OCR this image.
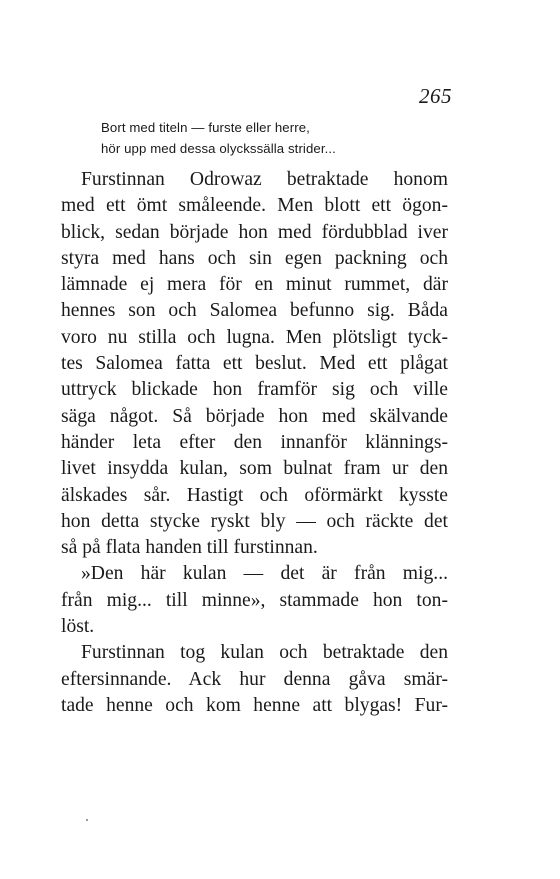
265
Bort med titeln — furste eller herre,
hör upp med dessa olyckssälla strider...
Furstinnan Odrowaz betraktade honom
med ett ömt småleende. Men blott ett ögon-
blick, sedan började hon med fördubblad iver
styra med hans och sin egen packning och
lämnade ej mera för en minut rummet, där
hennes son och Salomea befunno sig. Båda
voro nu stilla och lugna. Men plötsligt tyck-
tes Salomea fatta ett beslut. Med ett plågat
uttryck blickade hon framför sig och ville
säga något. Så började hon med skälvande
händer leta efter den innanför klännings-
livet insydda kulan, som bulnat fram ur den
älskades sår. Hastigt och oförmärkt kysste
hon detta stycke ryskt bly — och räckte det
så på flata handen till furstinnan.
»Den här kulan — det är från mig...
från mig... till minne», stammade hon ton-
löst.
Furstinnan tog kulan och betraktade den
eftersinnande. Ack hur denna gåva smär-
tade henne och kom henne att blygas! Fur-
